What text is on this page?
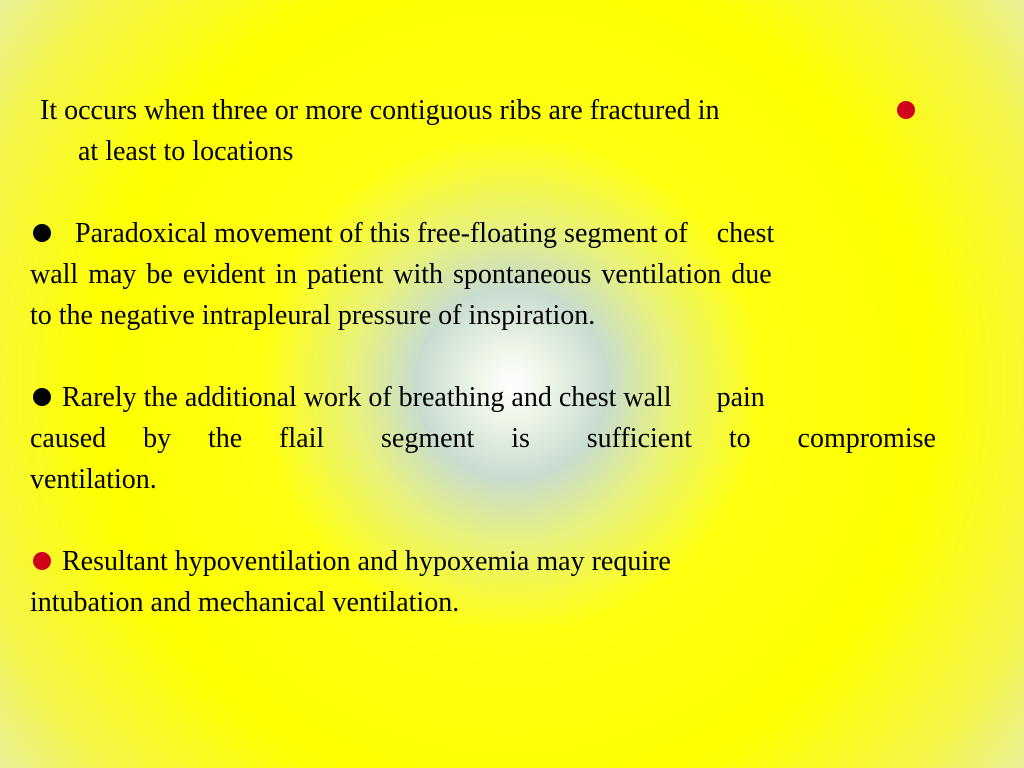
It occurs when three or more contiguous ribs are fractured in
at least to locations
Paradoxical movement of this free-floating segment of chest
wall may be evident in patient with spontaneous ventilation due
to the negative intrapleural pressure of inspiration.
Rarely the additional work of breathing and chest wall pain
caused by the flail segment is sufficient to compromise
ventilation.
Resultant hypoventilation and hypoxemia may require
intubation and mechanical ventilation.
